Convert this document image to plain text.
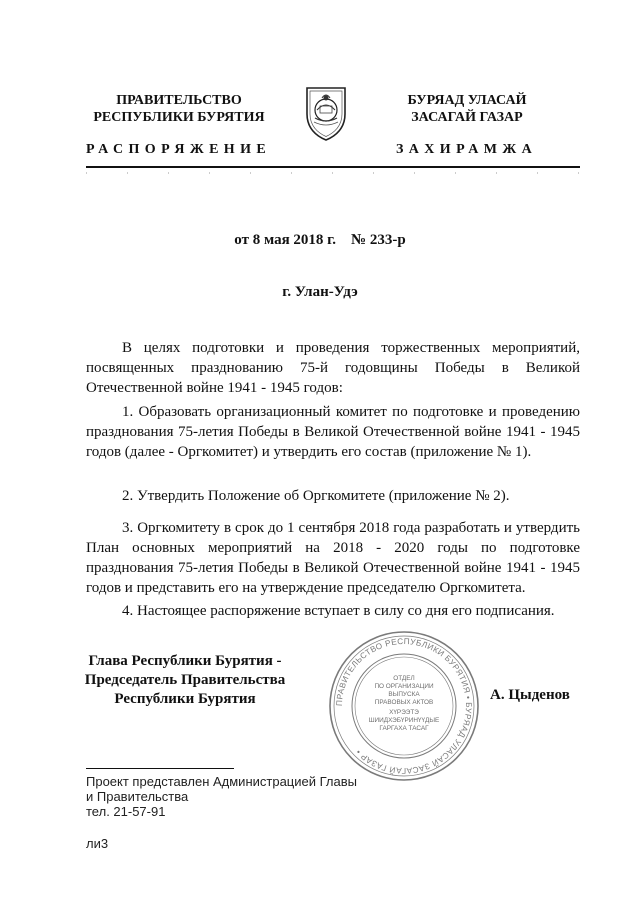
ПРАВИТЕЛЬСТВО
РЕСПУБЛИКИ БУРЯТИЯ
БУРЯАД УЛАСАЙ
ЗАСАГАЙ ГАЗАР
РАСПОРЯЖЕНИЕ	ЗАХИРАМЖА
от 8 мая 2018 г.    № 233-р
г. Улан-Удэ

В целях подготовки и проведения торжественных мероприятий, посвященных празднованию 75-й годовщины Победы в Великой Отечественной войне 1941 - 1945 годов:

1. Образовать организационный комитет по подготовке и проведению празднования 75-летия Победы в Великой Отечественной войне 1941 - 1945 годов (далее - Оргкомитет) и утвердить его состав (приложение № 1).

2. Утвердить Положение об Оргкомитете (приложение № 2).

3. Оргкомитету в срок до 1 сентября 2018 года разработать и утвердить План основных мероприятий на 2018 - 2020 годы по подготовке празднования 75-летия Победы в Великой Отечественной войне 1941 - 1945 годов и представить его на утверждение председателю Оргкомитета.

4. Настоящее распоряжение вступает в силу со дня его подписания.

Глава Республики Бурятия -
Председатель Правительства
Республики Бурятия	ПРАВИТЕЛЬСТВО РЕСПУБЛИКИ БУРЯТИЯ • БУРЯАД УЛАСАЙ ЗАСАГАЙ ГАЗАР •
ОТДЕЛ
ПО ОРГАНИЗАЦИИ
ВЫПУСКА
ПРАВОВЫХ АКТОВ
ХҮРЭЭТЭ
ШИИДХЭБҮРИНҮҮДЫЕ
ГАРГАХА ТАСАГ
А. Цыденов
Проект представлен Администрацией Главы
и Правительства
тел. 21-57-91
ли3
